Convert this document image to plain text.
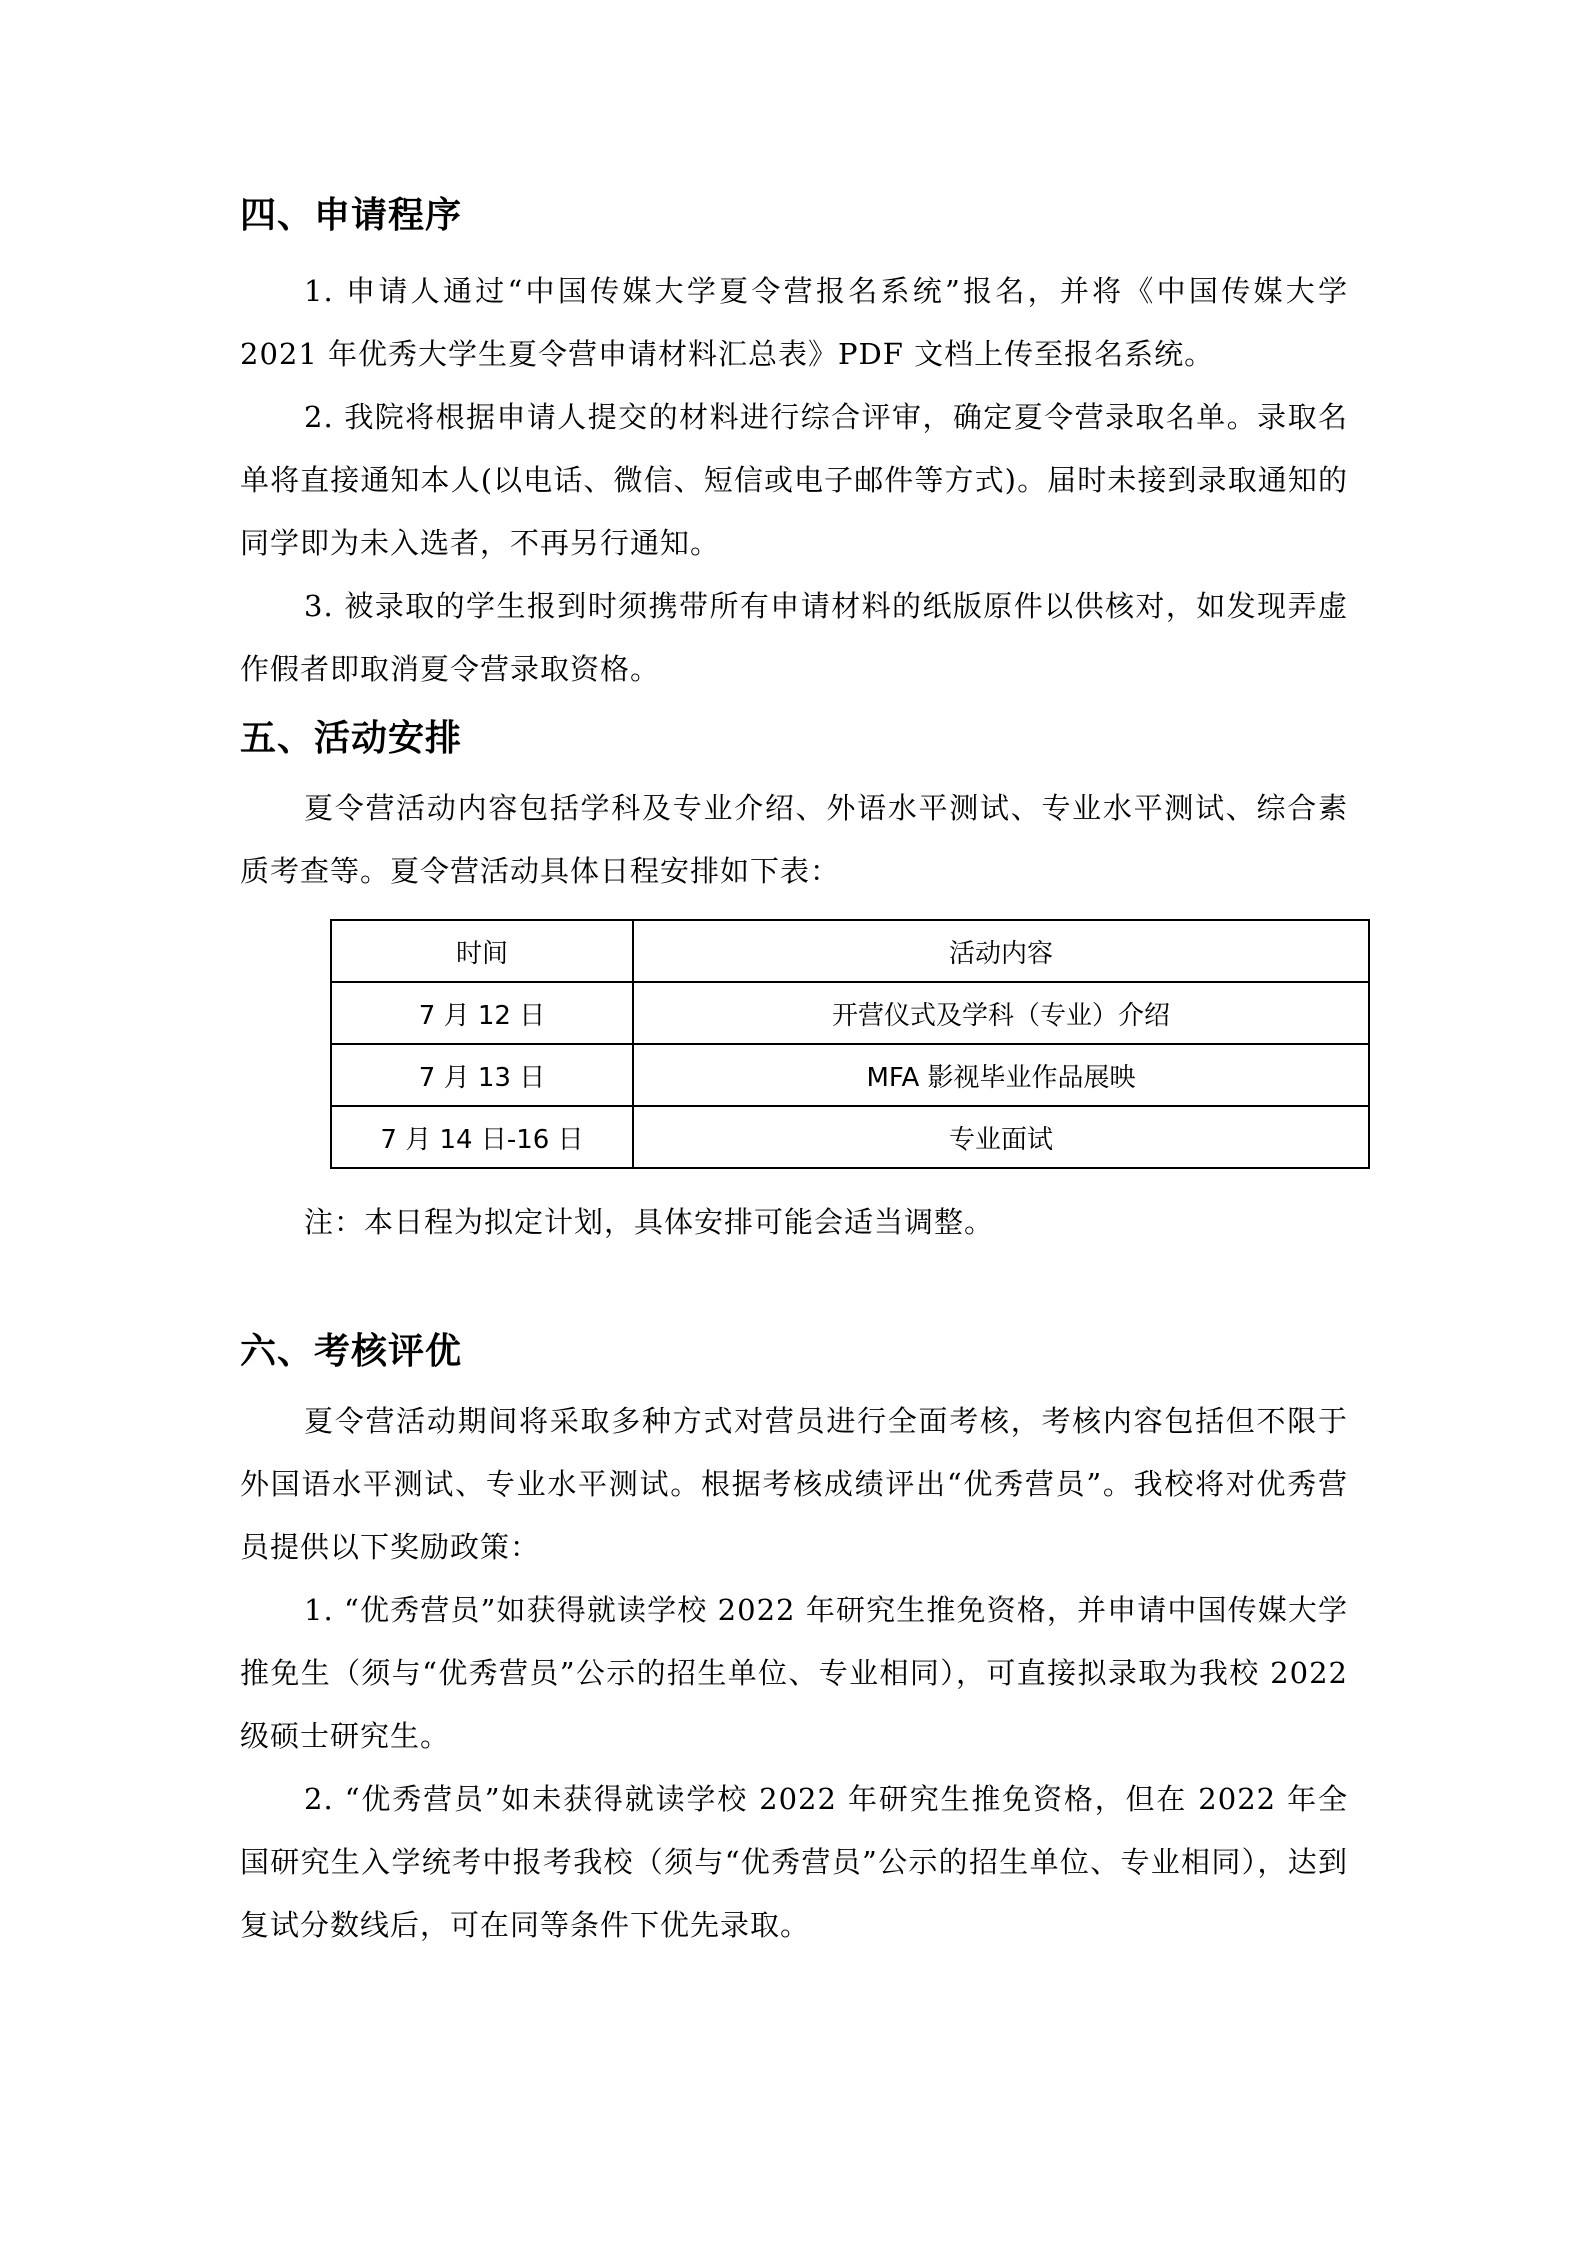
四、申请程序

1. 申请人通过“中国传媒大学夏令营报名系统”报名，并将《中国传媒大学 2021 年优秀大学生夏令营申请材料汇总表》PDF 文档上传至报名系统。

2. 我院将根据申请人提交的材料进行综合评审，确定夏令营录取名单。录取名单将直接通知本人(以电话、微信、短信或电子邮件等方式)。届时未接到录取通知的同学即为未入选者，不再另行通知。

3. 被录取的学生报到时须携带所有申请材料的纸版原件以供核对，如发现弄虚作假者即取消夏令营录取资格。

五、活动安排

夏令营活动内容包括学科及专业介绍、外语水平测试、专业水平测试、综合素质考查等。夏令营活动具体日程安排如下表：

时间	活动内容
7 月 12 日	开营仪式及学科（专业）介绍
7 月 13 日	MFA 影视毕业作品展映
7 月 14 日-16 日	专业面试

注：本日程为拟定计划，具体安排可能会适当调整。

六、考核评优

夏令营活动期间将采取多种方式对营员进行全面考核，考核内容包括但不限于外国语水平测试、专业水平测试。根据考核成绩评出“优秀营员”。我校将对优秀营员提供以下奖励政策：

1. “优秀营员”如获得就读学校 2022 年研究生推免资格，并申请中国传媒大学推免生（须与“优秀营员”公示的招生单位、专业相同），可直接拟录取为我校 2022 级硕士研究生。

2. “优秀营员”如未获得就读学校 2022 年研究生推免资格，但在 2022 年全国研究生入学统考中报考我校（须与“优秀营员”公示的招生单位、专业相同），达到复试分数线后，可在同等条件下优先录取。
